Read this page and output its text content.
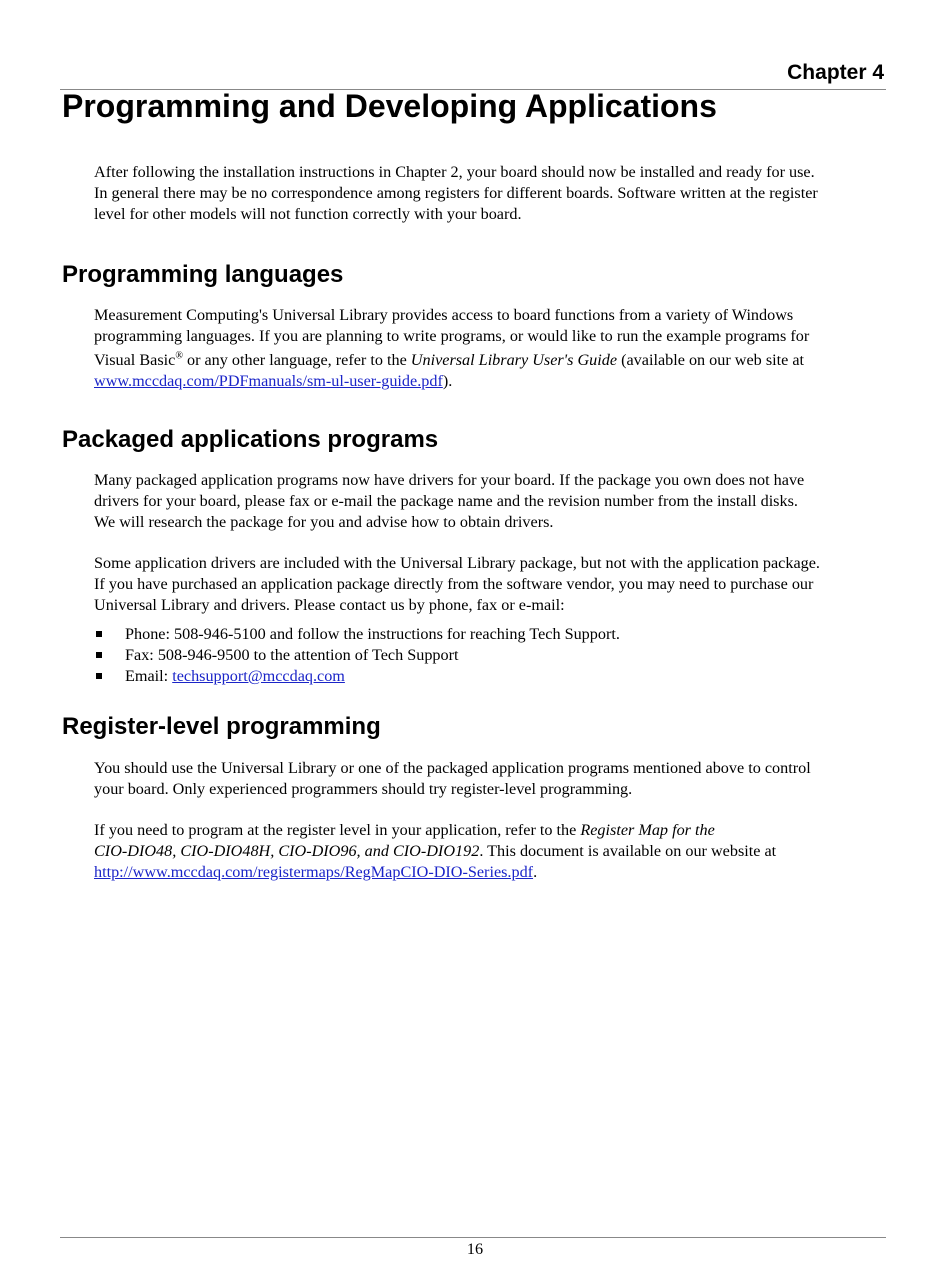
Chapter 4
Programming and Developing Applications
After following the installation instructions in Chapter 2, your board should now be installed and ready for use.
In general there may be no correspondence among registers for different boards. Software written at the register
level for other models will not function correctly with your board.
Programming languages
Measurement Computing's Universal Library provides access to board functions from a variety of Windows
programming languages. If you are planning to write programs, or would like to run the example programs for
Visual Basic® or any other language, refer to the Universal Library User's Guide (available on our web site at
www.mccdaq.com/PDFmanuals/sm-ul-user-guide.pdf).
Packaged applications programs
Many packaged application programs now have drivers for your board. If the package you own does not have
drivers for your board, please fax or e-mail the package name and the revision number from the install disks.
We will research the package for you and advise how to obtain drivers.
Some application drivers are included with the Universal Library package, but not with the application package.
If you have purchased an application package directly from the software vendor, you may need to purchase our
Universal Library and drivers. Please contact us by phone, fax or e-mail:
Phone: 508-946-5100 and follow the instructions for reaching Tech Support.
Fax: 508-946-9500 to the attention of Tech Support
Email: techsupport@mccdaq.com
Register-level programming
You should use the Universal Library or one of the packaged application programs mentioned above to control
your board. Only experienced programmers should try register-level programming.
If you need to program at the register level in your application, refer to the Register Map for the
CIO-DIO48, CIO-DIO48H, CIO-DIO96, and CIO-DIO192. This document is available on our website at
http://www.mccdaq.com/registermaps/RegMapCIO-DIO-Series.pdf.
16
